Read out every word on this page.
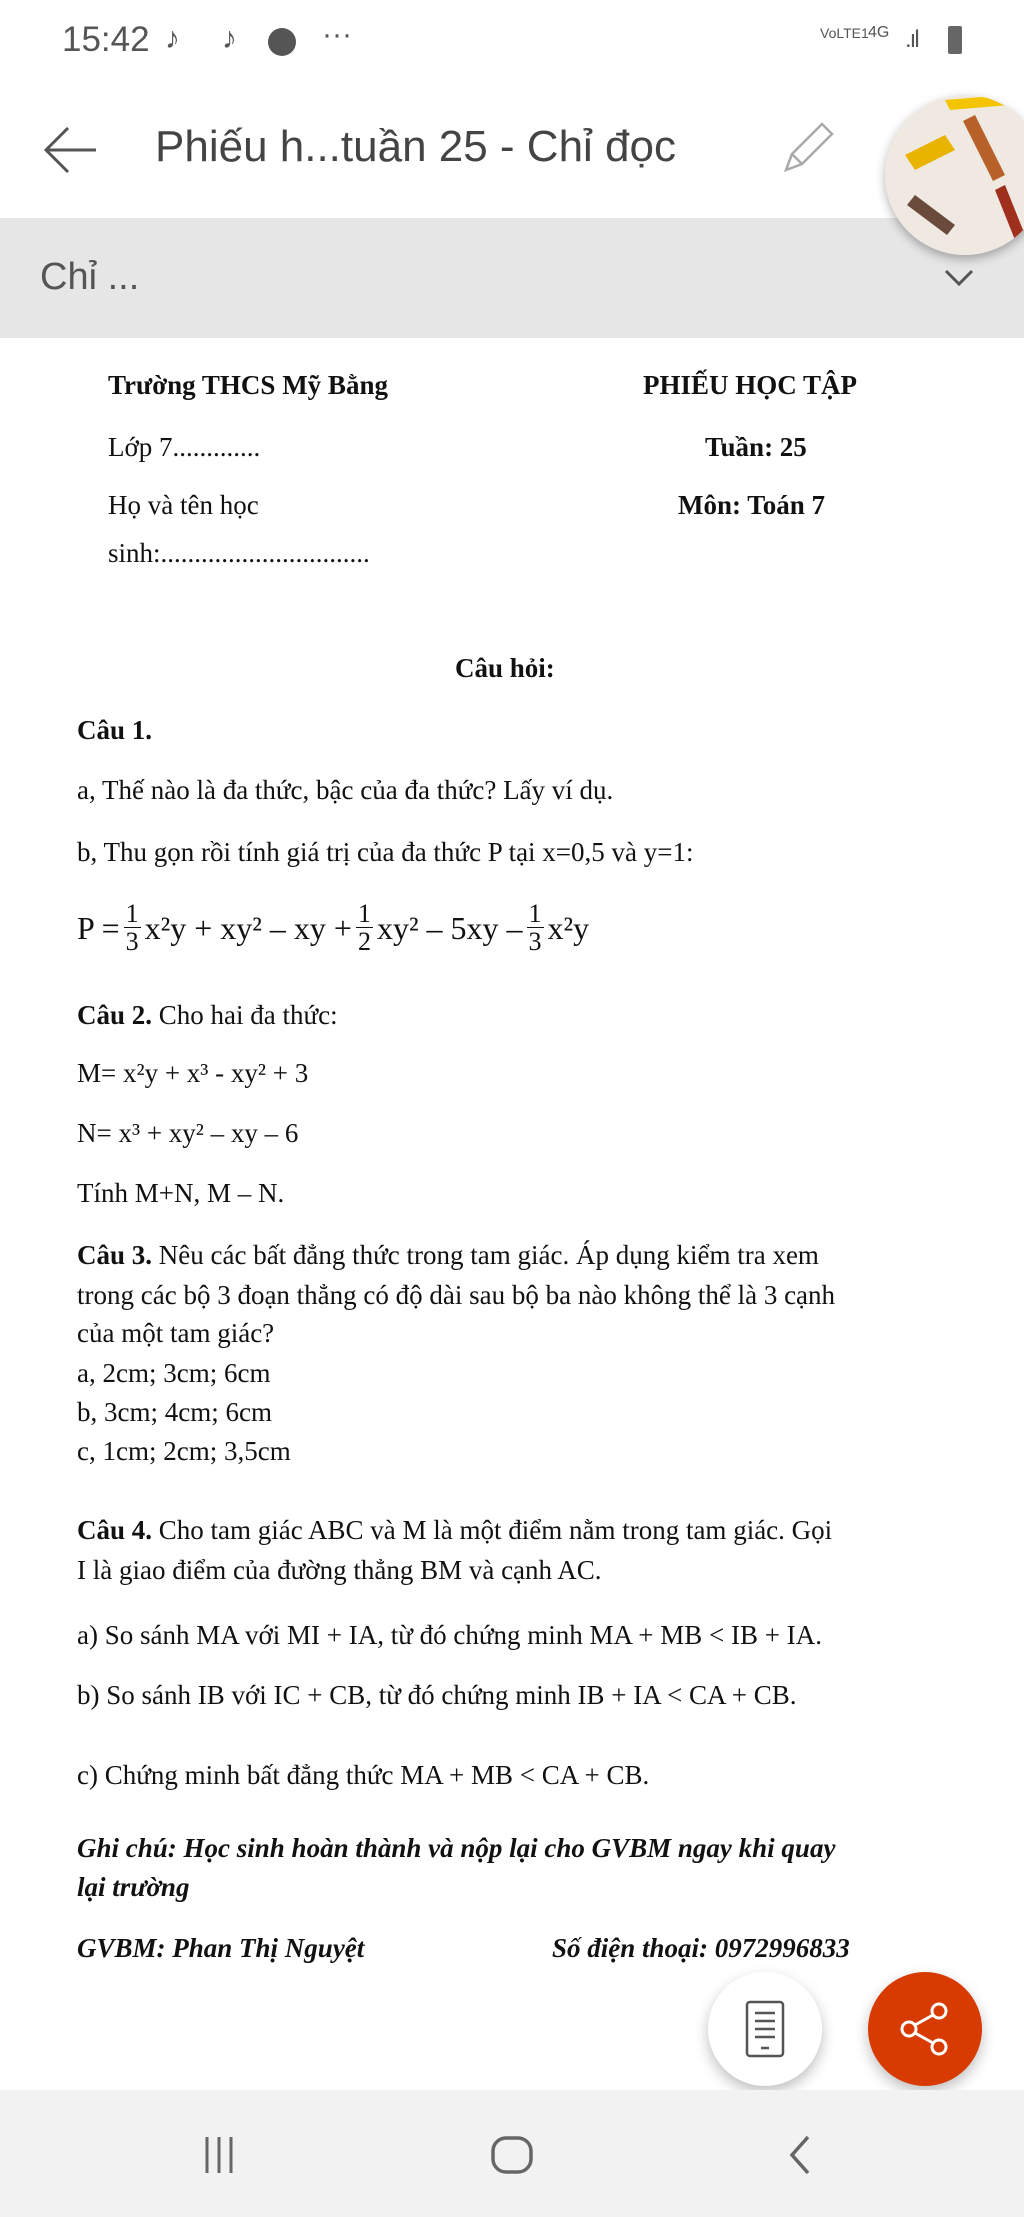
15:42 ♪ ♪	···	VoLTE1 4G .ıl
Phiếu h...tuần 25 - Chỉ đọc
Chỉ ...
Trường THCS Mỹ Bằng	PHIẾU HỌC TẬP
Lớp 7.............	Tuần: 25
Họ và tên học	Môn: Toán 7
sinh:...............................
Câu hỏi:
Câu 1.
a, Thế nào là đa thức, bậc của đa thức? Lấy ví dụ.
b, Thu gọn rồi tính giá trị của đa thức P tại x=0,5 và y=1:
$P = \frac{1}{3} x^2y + xy^2$ – xy + $\frac{1}{2} xy^2 - 5xy - \frac{1}{3} x^2y$
Câu 2. Cho hai đa thức:
M= x²y + x³ - xy² + 3
N= x³ + xy² – xy – 6
Tính M+N, M – N.
Câu 3. Nêu các bất đẳng thức trong tam giác. Áp dụng kiểm tra xem
trong các bộ 3 đoạn thẳng có độ dài sau bộ ba nào không thể là 3 cạnh
của một tam giác?
a, 2cm; 3cm; 6cm
b, 3cm; 4cm; 6cm
c, 1cm; 2cm; 3,5cm
Câu 4. Cho tam giác ABC và M là một điểm nằm trong tam giác. Gọi
I là giao điểm của đường thẳng BM và cạnh AC.
a) So sánh MA với MI + IA, từ đó chứng minh MA + MB < IB + IA.
b) So sánh IB với IC + CB, từ đó chứng minh IB + IA < CA + CB.
c) Chứng minh bất đẳng thức MA + MB < CA + CB.
Ghi chú: Học sinh hoàn thành và nộp lại cho GVBM ngay khi quay
lại trường
GVBM: Phan Thị Nguyệt	Số điện thoại: 0972996833
